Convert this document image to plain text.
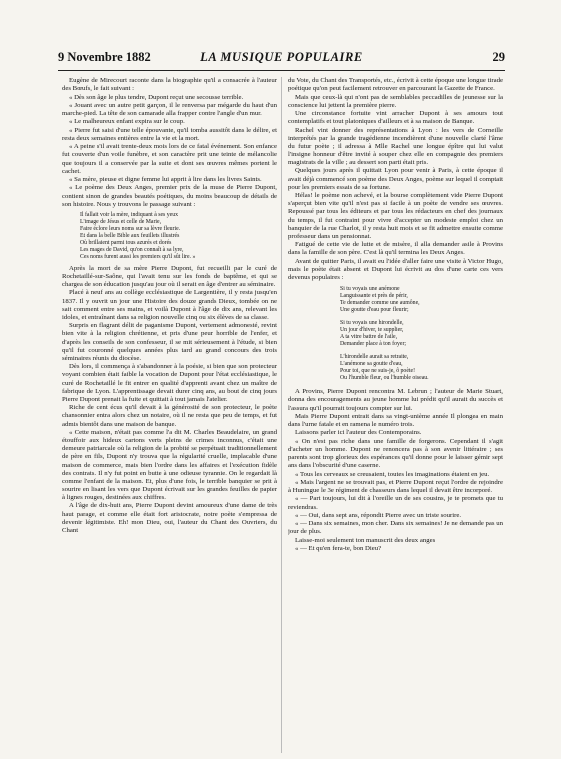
9 Novembre 1882	LA MUSIQUE POPULAIRE	29

Eugène de Mirecourt raconte dans la biographie qu'il a consacrée à l'auteur des Bœufs, le fait suivant :

« Dès son âge le plus tendre, Dupont reçut une secousse terrible.

« Jouant avec un autre petit garçon, il le renversa par mégarde du haut d'un marche-pied. La tête de son camarade alla frapper contre l'angle d'un mur.

« Le malheureux enfant expira sur le coup.

« Pierre fut saisi d'une telle épouvante, qu'il tomba aussitôt dans le délire, et resta deux semaines entières entre la vie et la mort.

« A peine s'il avait trente-deux mois lors de ce fatal événement. Son enfance fut couverte d'un voile funèbre, et son caractère prit une teinte de mélancolie que toujours il a conservée par la suite et dont ses œuvres mêmes portent le cachet.

« Sa mère, pieuse et digne femme lui apprit à lire dans les livres Saints.

« Le poème des Deux Anges, premier prix de la muse de Pierre Dupont, contient sinon de grandes beautés poétiques, du moins beaucoup de détails de son histoire. Nous y trouvons le passage suivant :

Il fallait voir la mère, indiquant à ses yeux
L'image de Jésus et celle de Marie,
Faire éclore leurs noms sur sa lèvre fleurie.
Et dans la belle Bible aux feuillets illustrés
Où brillaient parmi tous azurés et dorés
Les mages de David, qu'on connaît à sa lyre,
Ces noms furent aussi les premiers qu'il sût lire. »

Après la mort de sa mère Pierre Dupont, fut recueilli par le curé de Rochetaillé-sur-Saône, qui l'avait tenu sur les fonds de baptême, et qui se chargea de son éducation jusqu'au jour où il serait en âge d'entrer au séminaire.

Placé à neuf ans au collège ecclésiastique de Largentière, il y resta jusqu'en 1837. Il y ouvrit un jour une Histoire des douze grands Dieux, tombée on ne sait comment entre ses mains, et voilà Dupont à l'âge de dix ans, relevant les idoles, et entraînant dans sa religion nouvelle cinq ou six élèves de sa classe.

Surpris en flagrant délit de paganisme Dupont, vertement admonesté, revint bien vite à la religion chrétienne, et pris d'une peur horrible de l'enfer, et d'après les conseils de son confesseur, il se mit sérieusement à l'étude, si bien qu'il fut couronné quelques années plus tard au grand concours des trois séminaires réunis du diocèse.

Dès lors, il commença à s'abandonner à la poésie, si bien que son protecteur voyant combien était faible la vocation de Dupont pour l'état ecclésiastique, le curé de Rochetaillé le fit entrer en qualité d'apprenti avant chez un maître de fabrique de Lyon. L'apprentissage devait durer cinq ans, au bout de cinq jours Pierre Dupont prenait la fuite et quittait à tout jamais l'atelier.

Riche de cent écus qu'il devait à la générosité de son protecteur, le poète chansonnier entra alors chez un notaire, où il ne resta que peu de temps, et fut admis bientôt dans une maison de banque.

« Cette maison, n'était pas comme l'a dit M. Charles Beaudelaire, un grand étouffoir aux hideux cartons verts pleins de crimes inconnus, c'était une demeure patriarcale où la religion de la probité se perpétuait traditionnellement de père en fils, Dupont n'y trouva que la régularité cruelle, implacable d'une maison de commerce, mais bien l'ordre dans les affaires et l'exécution fidèle des contrats. Il n'y fut point en butte à une odieuse tyrannie. On le regardait là comme l'enfant de la maison. Et, plus d'une fois, le terrible banquier se prit à sourire en lisant les vers que Dupont écrivait sur les grandes feuilles de papier à lignes rouges, destinées aux chiffres.

A l'âge de dix-huit ans, Pierre Dupont devint amoureux d'une dame de très haut parage, et comme elle était fort aristocrate, notre poète s'empressa de devenir légitimiste. Eh! mon Dieu, oui, l'auteur du Chant des Ouvriers, du Chant

du Vote, du Chant des Transportés, etc., écrivit à cette époque une longue tirade poétique qu'on peut facilement retrouver en parcourant la Gazette de France.

Mais que ceux-là qui n'ont pas de semblables peccadilles de jeunesse sur la conscience lui jettent la première pierre.

Une circonstance fortuite vint arracher Dupont à ses amours tout contemplatifs et tout platoniques d'ailleurs et à sa maison de Banque.

Rachel vint donner des représentations à Lyon : les vers de Corneille interprétés par la grande tragédienne incendièrent d'une nouvelle clarté l'âme du futur poète ; il adressa à Mlle Rachel une longue épître qui lui valut l'insigne honneur d'être invité à souper chez elle en compagnie des premiers magistrats de la ville ; au dessert son parti était pris.

Quelques jours après il quittait Lyon pour venir à Paris, à cette époque il avait déjà commencé son poème des Deux Anges, poème sur lequel il comptait pour les premiers essais de sa fortune.

Hélas! le poème non achevé, et la bourse complètement vide Pierre Dupont s'aperçut bien vite qu'il n'est pas si facile à un poète de vendre ses œuvres. Repoussé par tous les éditeurs et par tous les rédacteurs en chef des journaux du temps, il fut contraint pour vivre d'accepter un modeste emploi chez un banquier de la rue Charlot, il y resta huit mois et se fit admettre ensuite comme professeur dans un pensionnat.

Fatigué de cette vie de lutte et de misère, il alla demander asile à Provins dans la famille de son père. C'est là qu'il termina les Deux Anges.

Avant de quitter Paris, il avait eu l'idée d'aller faire une visite à Victor Hugo, mais le poète était absent et Dupont lui écrivit au dos d'une carte ces vers devenus populaires :

Si tu voyais une anémone
Languissante et près de périr,
Te demander comme une aumône,
Une goutte d'eau pour fleurir;
Si tu voyais une hirondelle,
Un jour d'hiver, te supplier,
A ta vitre battre de l'aile,
Demander place à ton foyer;
L'hirondelle aurait sa retraite,
L'anémone sa goutte d'eau,
Pour toi, que ne suis-je, ô poète!
Ou l'humble fleur, ou l'humble oiseau.

A Provins, Pierre Dupont rencontra M. Lebrun ; l'auteur de Marie Stuart, donna des encouragements au jeune homme lui prédit qu'il aurait du succès et l'assura qu'il pourrait toujours compter sur lui.

Mais Pierre Dupont entrait dans sa vingt-unième année Il plongea en main dans l'urne fatale et en ramena le numéro trois.

Laissons parler ici l'auteur des Contemporains.

« On n'est pas riche dans une famille de forgerons. Cependant il s'agit d'acheter un homme. Dupont ne renoncera pas à son avenir littéraire ; ses parents sont trop glorieux des espérances qu'il donne pour le laisser gémir sept ans dans l'obscurité d'une caserne.

« Tous les cerveaux se creusaient, toutes les imaginations étaient en jeu.

« Mais l'argent ne se trouvait pas, et Pierre Dupont reçut l'ordre de rejoindre à Huningue le 3e régiment de chasseurs dans lequel il devait être incorporé.

« — Part toujours, lui dit à l'oreille un de ses cousins, je te promets que tu reviendras.

« — Oui, dans sept ans, répondit Pierre avec un triste sourire.

« — Dans six semaines, mon cher. Dans six semaines! Je ne demande pas un jour de plus.

Laisse-moi seulement ton manuscrit des deux anges

« — Et qu'en fera-te, bon Dieu?
